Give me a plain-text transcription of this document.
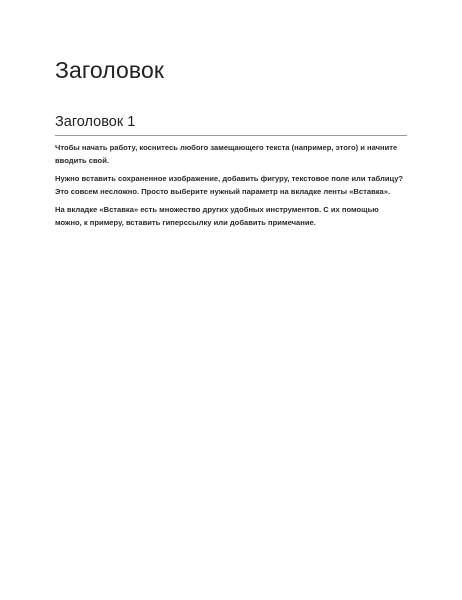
Заголовок
Заголовок 1

Чтобы начать работу, коснитесь любого замещающего текста (например, этого) и начните вводить свой.

Нужно вставить сохраненное изображение, добавить фигуру, текстовое поле или таблицу? Это совсем несложно. Просто выберите нужный параметр на вкладке ленты «Вставка».

На вкладке «Вставка» есть множество других удобных инструментов. С их помощью можно, к примеру, вставить гиперссылку или добавить примечание.
